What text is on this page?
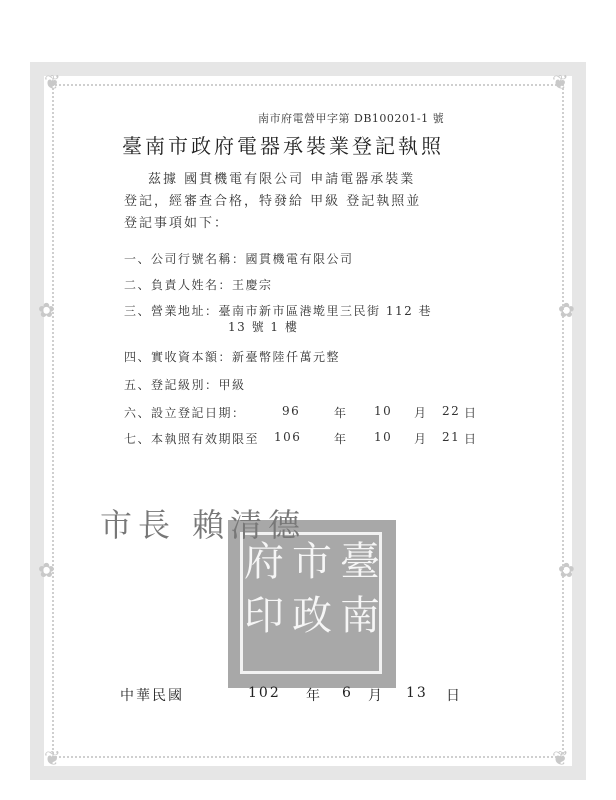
❦	❦
❦	❦
✿
✿
✿
✿
南市府電營甲字第 DB100201-1 號
臺南市政府電器承裝業登記執照
茲據 國貫機電有限公司 申請電器承裝業
登記，經審查合格，特發給 甲級 登記執照並
登記事項如下：
一、公司行號名稱：國貫機電有限公司
二、負責人姓名：王慶宗
三、營業地址：臺南市新市區港墘里三民街 112 巷
13 號 1 樓
四、實收資本額：新臺幣陸仟萬元整
五、登記級別：甲級
六、設立登記日期：	96	年 10 月 22 日
七、本執照有效期限至 106	年 10 月 21 日
臺
南
市
政
府
印
市長 賴清德
中華民國	102 年 6 月 13 日
